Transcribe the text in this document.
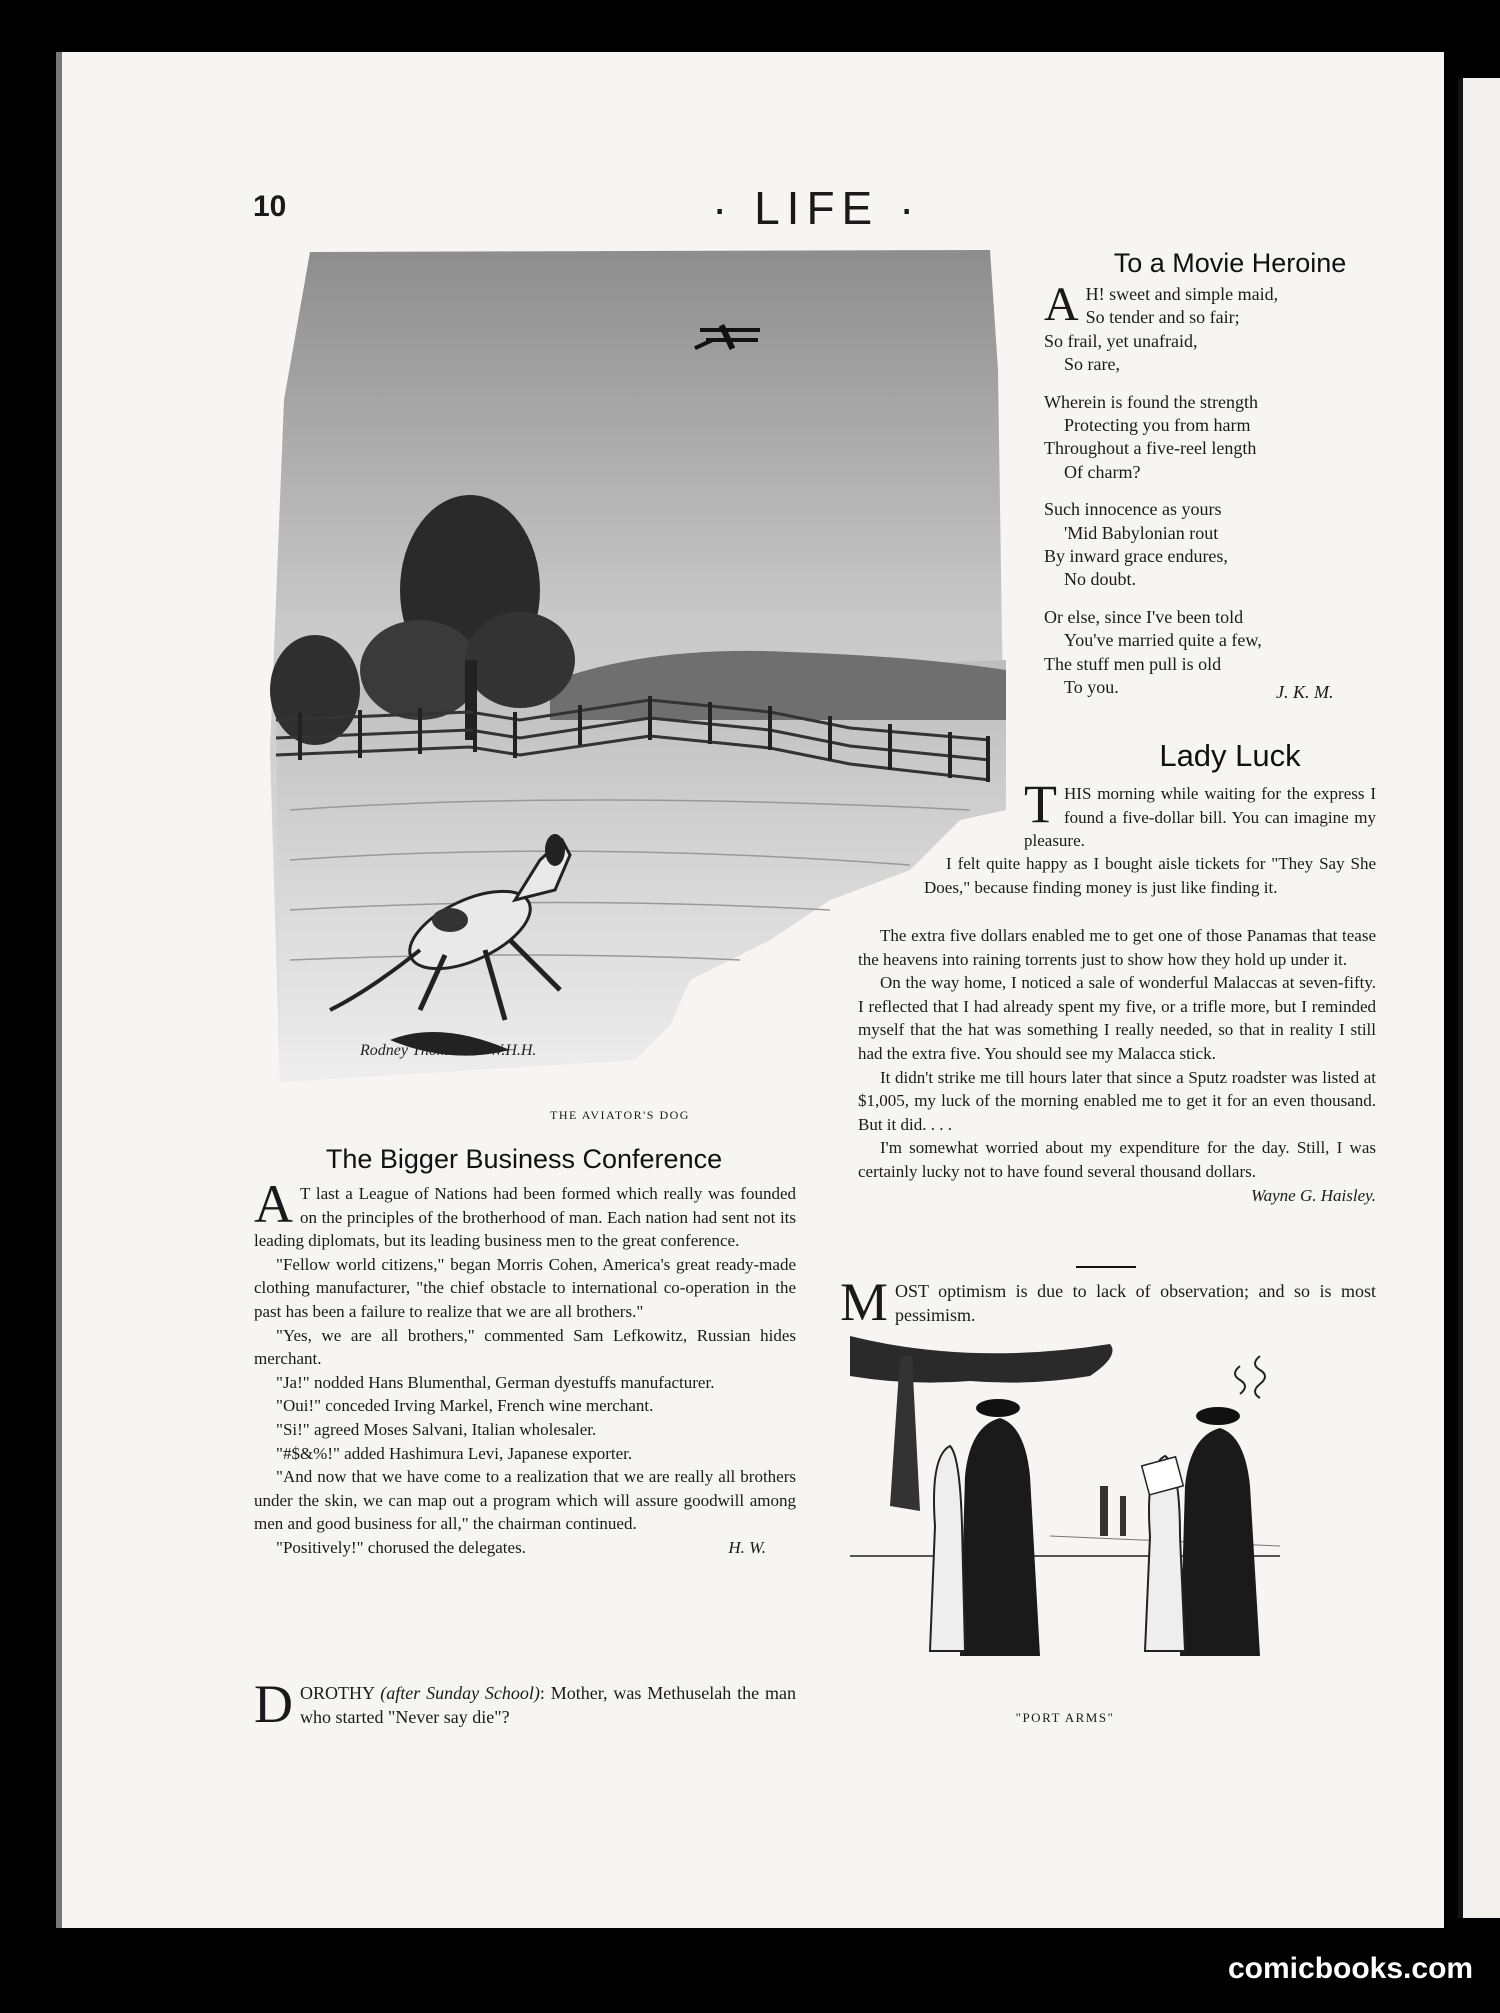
10	· LIFE ·
Rodney Thomson + W.H.H.
THE AVIATOR'S DOG
The Bigger Business Conference

A T last a League of Nations had been formed which really was founded on the principles of the brotherhood of man. Each nation had sent not its leading diplomats, but its leading business men to the great conference.

"Fellow world citizens," began Morris Cohen, America's great ready-made clothing manufacturer, "the chief obstacle to international co-operation in the past has been a failure to realize that we are all brothers."

"Yes, we are all brothers," commented Sam Lefkowitz, Russian hides merchant.

"Ja!" nodded Hans Blumenthal, German dyestuffs manufacturer.

"Oui!" conceded Irving Markel, French wine merchant.

"Si!" agreed Moses Salvani, Italian wholesaler.

"#$&%!" added Hashimura Levi, Japanese exporter.

"And now that we have come to a realization that we are really all brothers under the skin, we can map out a program which will assure goodwill among men and good business for all," the chairman continued.

"Positively!" chorused the delegates.	H. W.

DOROTHY (after Sunday School): Mother, was Methuselah the man who started "Never say die"?

To a Movie Heroine
A H! sweet and simple maid,
So tender and so fair;
So frail, yet unafraid,
So rare,
Wherein is found the strength
Protecting you from harm
Throughout a five-reel length
Of charm?
Such innocence as yours
'Mid Babylonian rout
By inward grace endures,
No doubt.
Or else, since I've been told
You've married quite a few,
The stuff men pull is old
To you.	J. K. M.
Lady Luck

THIS morning while waiting for the express I found a five-dollar bill. You can imagine my pleasure.

I felt quite happy as I bought aisle tickets for "They Say She Does," because finding money is just like finding it.

The extra five dollars enabled me to get one of those Panamas that tease the heavens into raining torrents just to show how they hold up under it.

On the way home, I noticed a sale of wonderful Malaccas at seven-fifty. I reflected that I had already spent my five, or a trifle more, but I reminded myself that the hat was something I really needed, so that in reality I still had the extra five. You should see my Malacca stick.

It didn't strike me till hours later that since a Sputz roadster was listed at $1,005, my luck of the morning enabled me to get it for an even thousand. But it did. . . .

I'm somewhat worried about my expenditure for the day. Still, I was certainly lucky not to have found several thousand dollars.
Wayne G. Haisley.

MOST optimism is due to lack of observation; and so is most pessimism.

"PORT ARMS"
comicbooks.com
